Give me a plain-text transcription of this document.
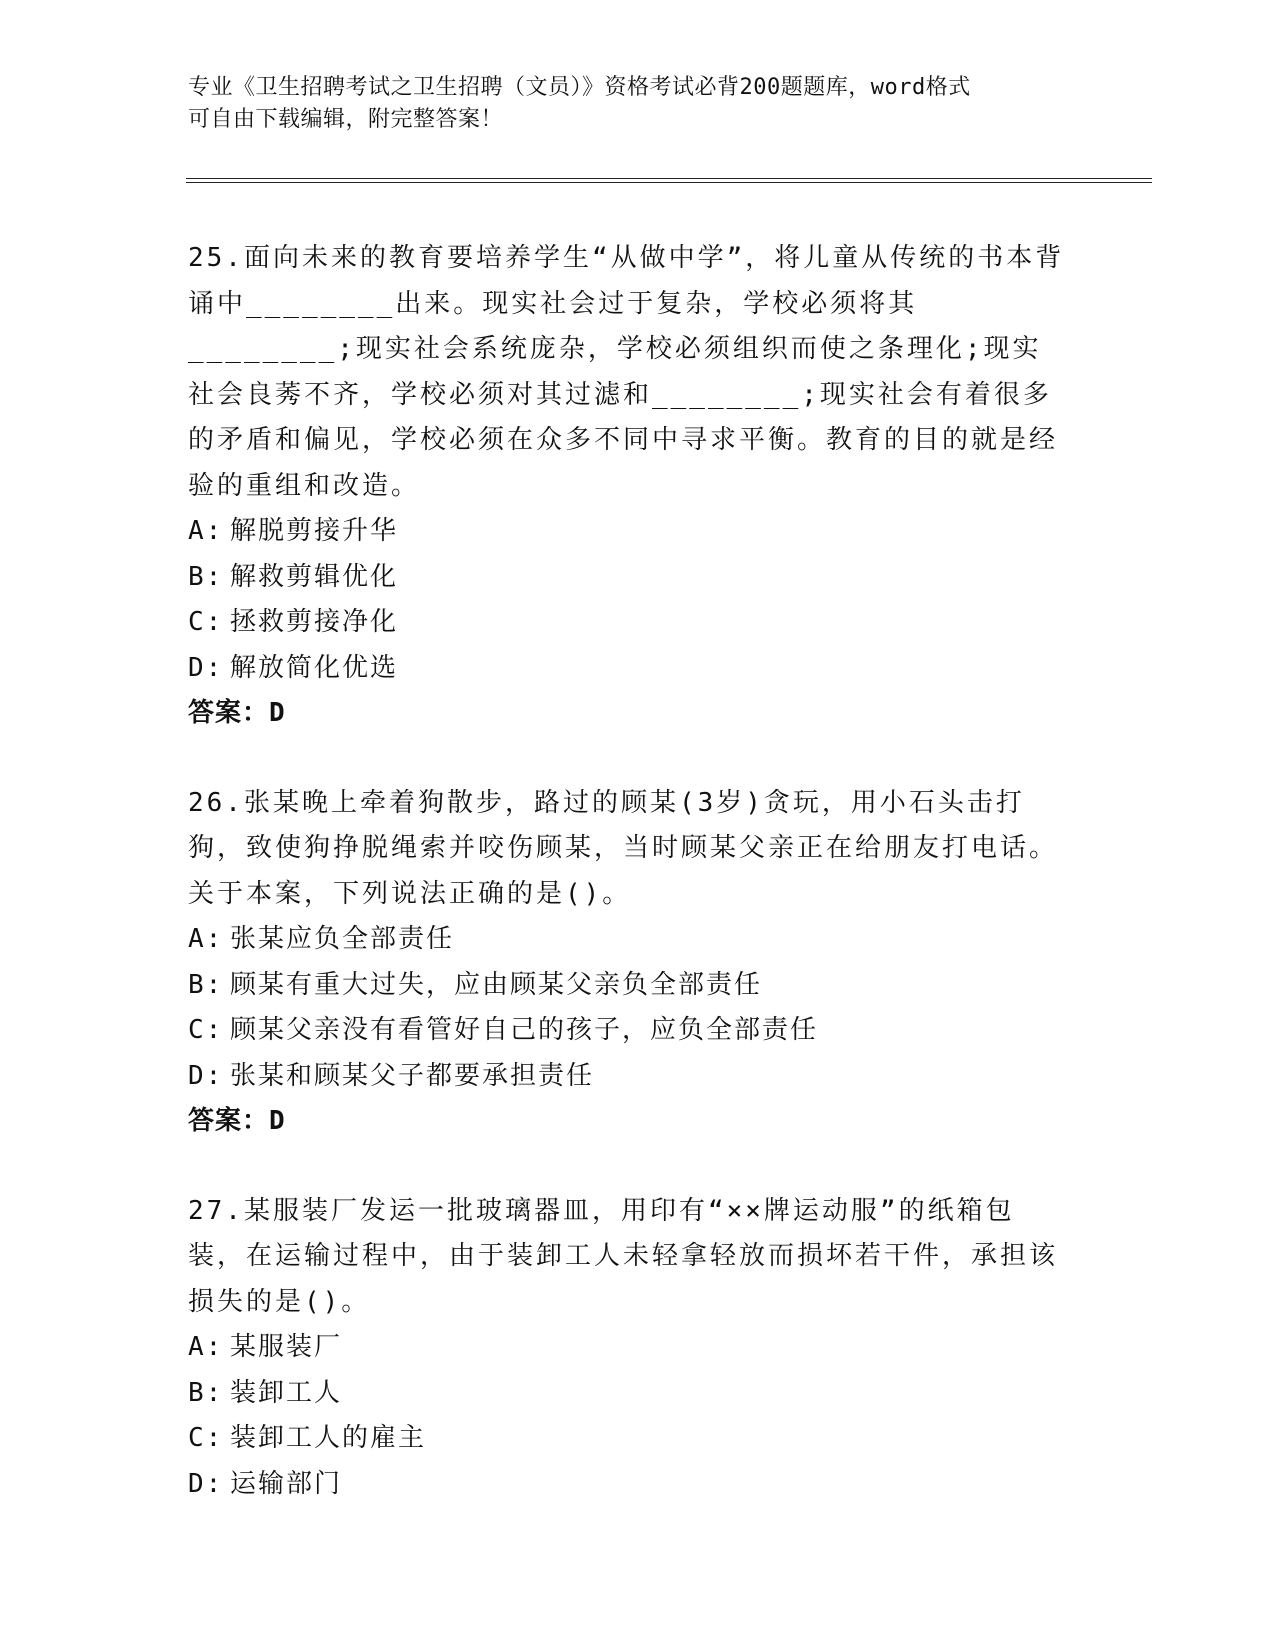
专业《卫生招聘考试之卫生招聘（文员）》资格考试必背200题题库，word格式
可自由下载编辑，附完整答案！

25.面向未来的教育要培养学生“从做中学”，将儿童从传统的书本背诵中________出来。现实社会过于复杂，学校必须将其________;现实社会系统庞杂，学校必须组织而使之条理化;现实社会良莠不齐，学校必须对其过滤和________;现实社会有着很多的矛盾和偏见，学校必须在众多不同中寻求平衡。教育的目的就是经验的重组和改造。

A: 解脱剪接升华

B: 解救剪辑优化

C: 拯救剪接净化

D: 解放简化优选

答案：D

26.张某晚上牵着狗散步，路过的顾某(3岁)贪玩，用小石头击打狗，致使狗挣脱绳索并咬伤顾某，当时顾某父亲正在给朋友打电话。关于本案，下列说法正确的是()。

A: 张某应负全部责任

B: 顾某有重大过失，应由顾某父亲负全部责任

C: 顾某父亲没有看管好自己的孩子，应负全部责任

D: 张某和顾某父子都要承担责任

答案：D

27.某服装厂发运一批玻璃器皿，用印有“××牌运动服”的纸箱包装，在运输过程中，由于装卸工人未轻拿轻放而损坏若干件，承担该损失的是()。

A: 某服装厂

B: 装卸工人

C: 装卸工人的雇主

D: 运输部门
